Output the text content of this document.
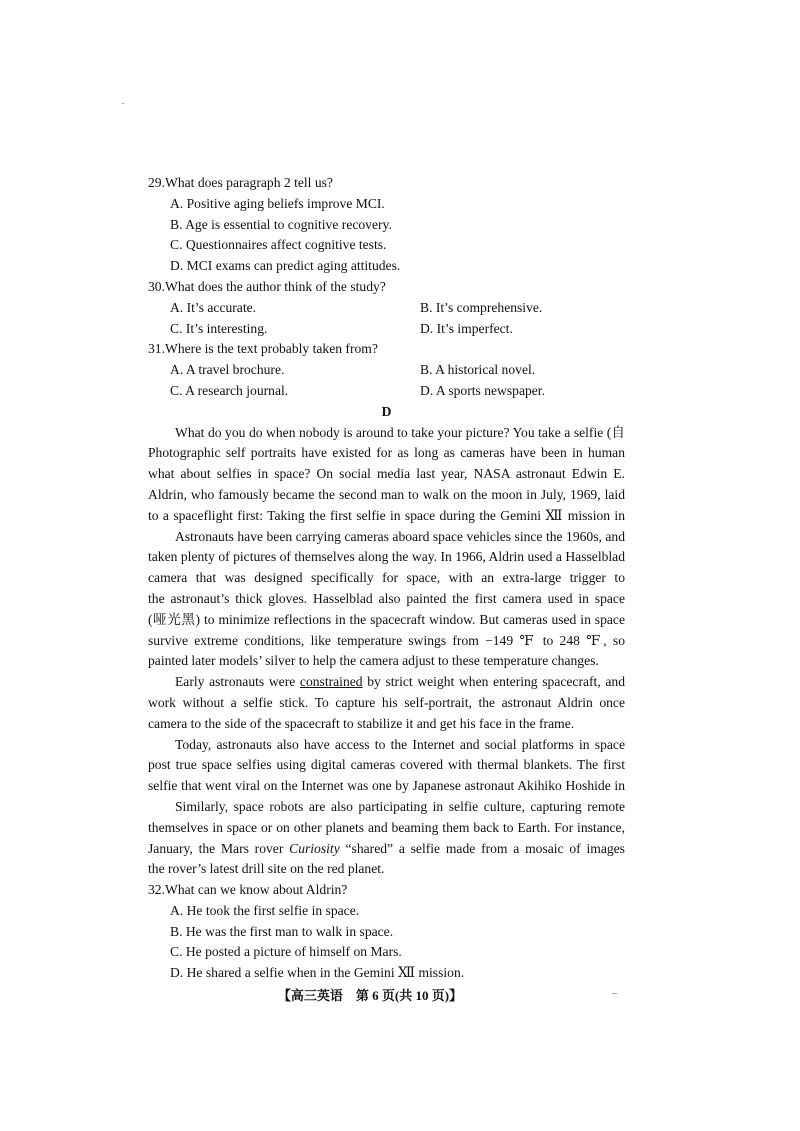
29.What does paragraph 2 tell us?
A. Positive aging beliefs improve MCI.
B. Age is essential to cognitive recovery.
C. Questionnaires affect cognitive tests.
D. MCI exams can predict aging attitudes.
30.What does the author think of the study?
A. It’s accurate.	B. It’s comprehensive.
C. It’s interesting.	D. It’s imperfect.
31.Where is the text probably taken from?
A. A travel brochure.	B. A historical novel.
C. A research journal.	D. A sports newspaper.
D
What do you do when nobody is around to take your picture? You take a selfie (自
Photographic self portraits have existed for as long as cameras have been in human
what about selfies in space? On social media last year, NASA astronaut Edwin E.
Aldrin, who famously became the second man to walk on the moon in July, 1969, laid
to a spaceflight first: Taking the first selfie in space during the Gemini Ⅻ mission in
Astronauts have been carrying cameras aboard space vehicles since the 1960s, and
taken plenty of pictures of themselves along the way. In 1966, Aldrin used a Hasselblad
camera that was designed specifically for space, with an extra-large trigger to
the astronaut’s thick gloves. Hasselblad also painted the first camera used in space
(哑光黑) to minimize reflections in the spacecraft window. But cameras used in space
survive extreme conditions, like temperature swings from −149 ℉ to 248 ℉, so
painted later models’ silver to help the camera adjust to these temperature changes.
Early astronauts were constrained by strict weight when entering spacecraft, and
work without a selfie stick. To capture his self-portrait, the astronaut Aldrin once
camera to the side of the spacecraft to stabilize it and get his face in the frame.
Today, astronauts also have access to the Internet and social platforms in space
post true space selfies using digital cameras covered with thermal blankets. The first
selfie that went viral on the Internet was one by Japanese astronaut Akihiko Hoshide in
Similarly, space robots are also participating in selfie culture, capturing remote
themselves in space or on other planets and beaming them back to Earth. For instance,
January, the Mars rover Curiosity “shared” a selfie made from a mosaic of images
the rover’s latest drill site on the red planet.
32.What can we know about Aldrin?
A. He took the first selfie in space.
B. He was the first man to walk in space.
C. He posted a picture of himself on Mars.
D. He shared a selfie when in the Gemini Ⅻ mission.
【高三英语　第 6 页(共 10 页)】	–
